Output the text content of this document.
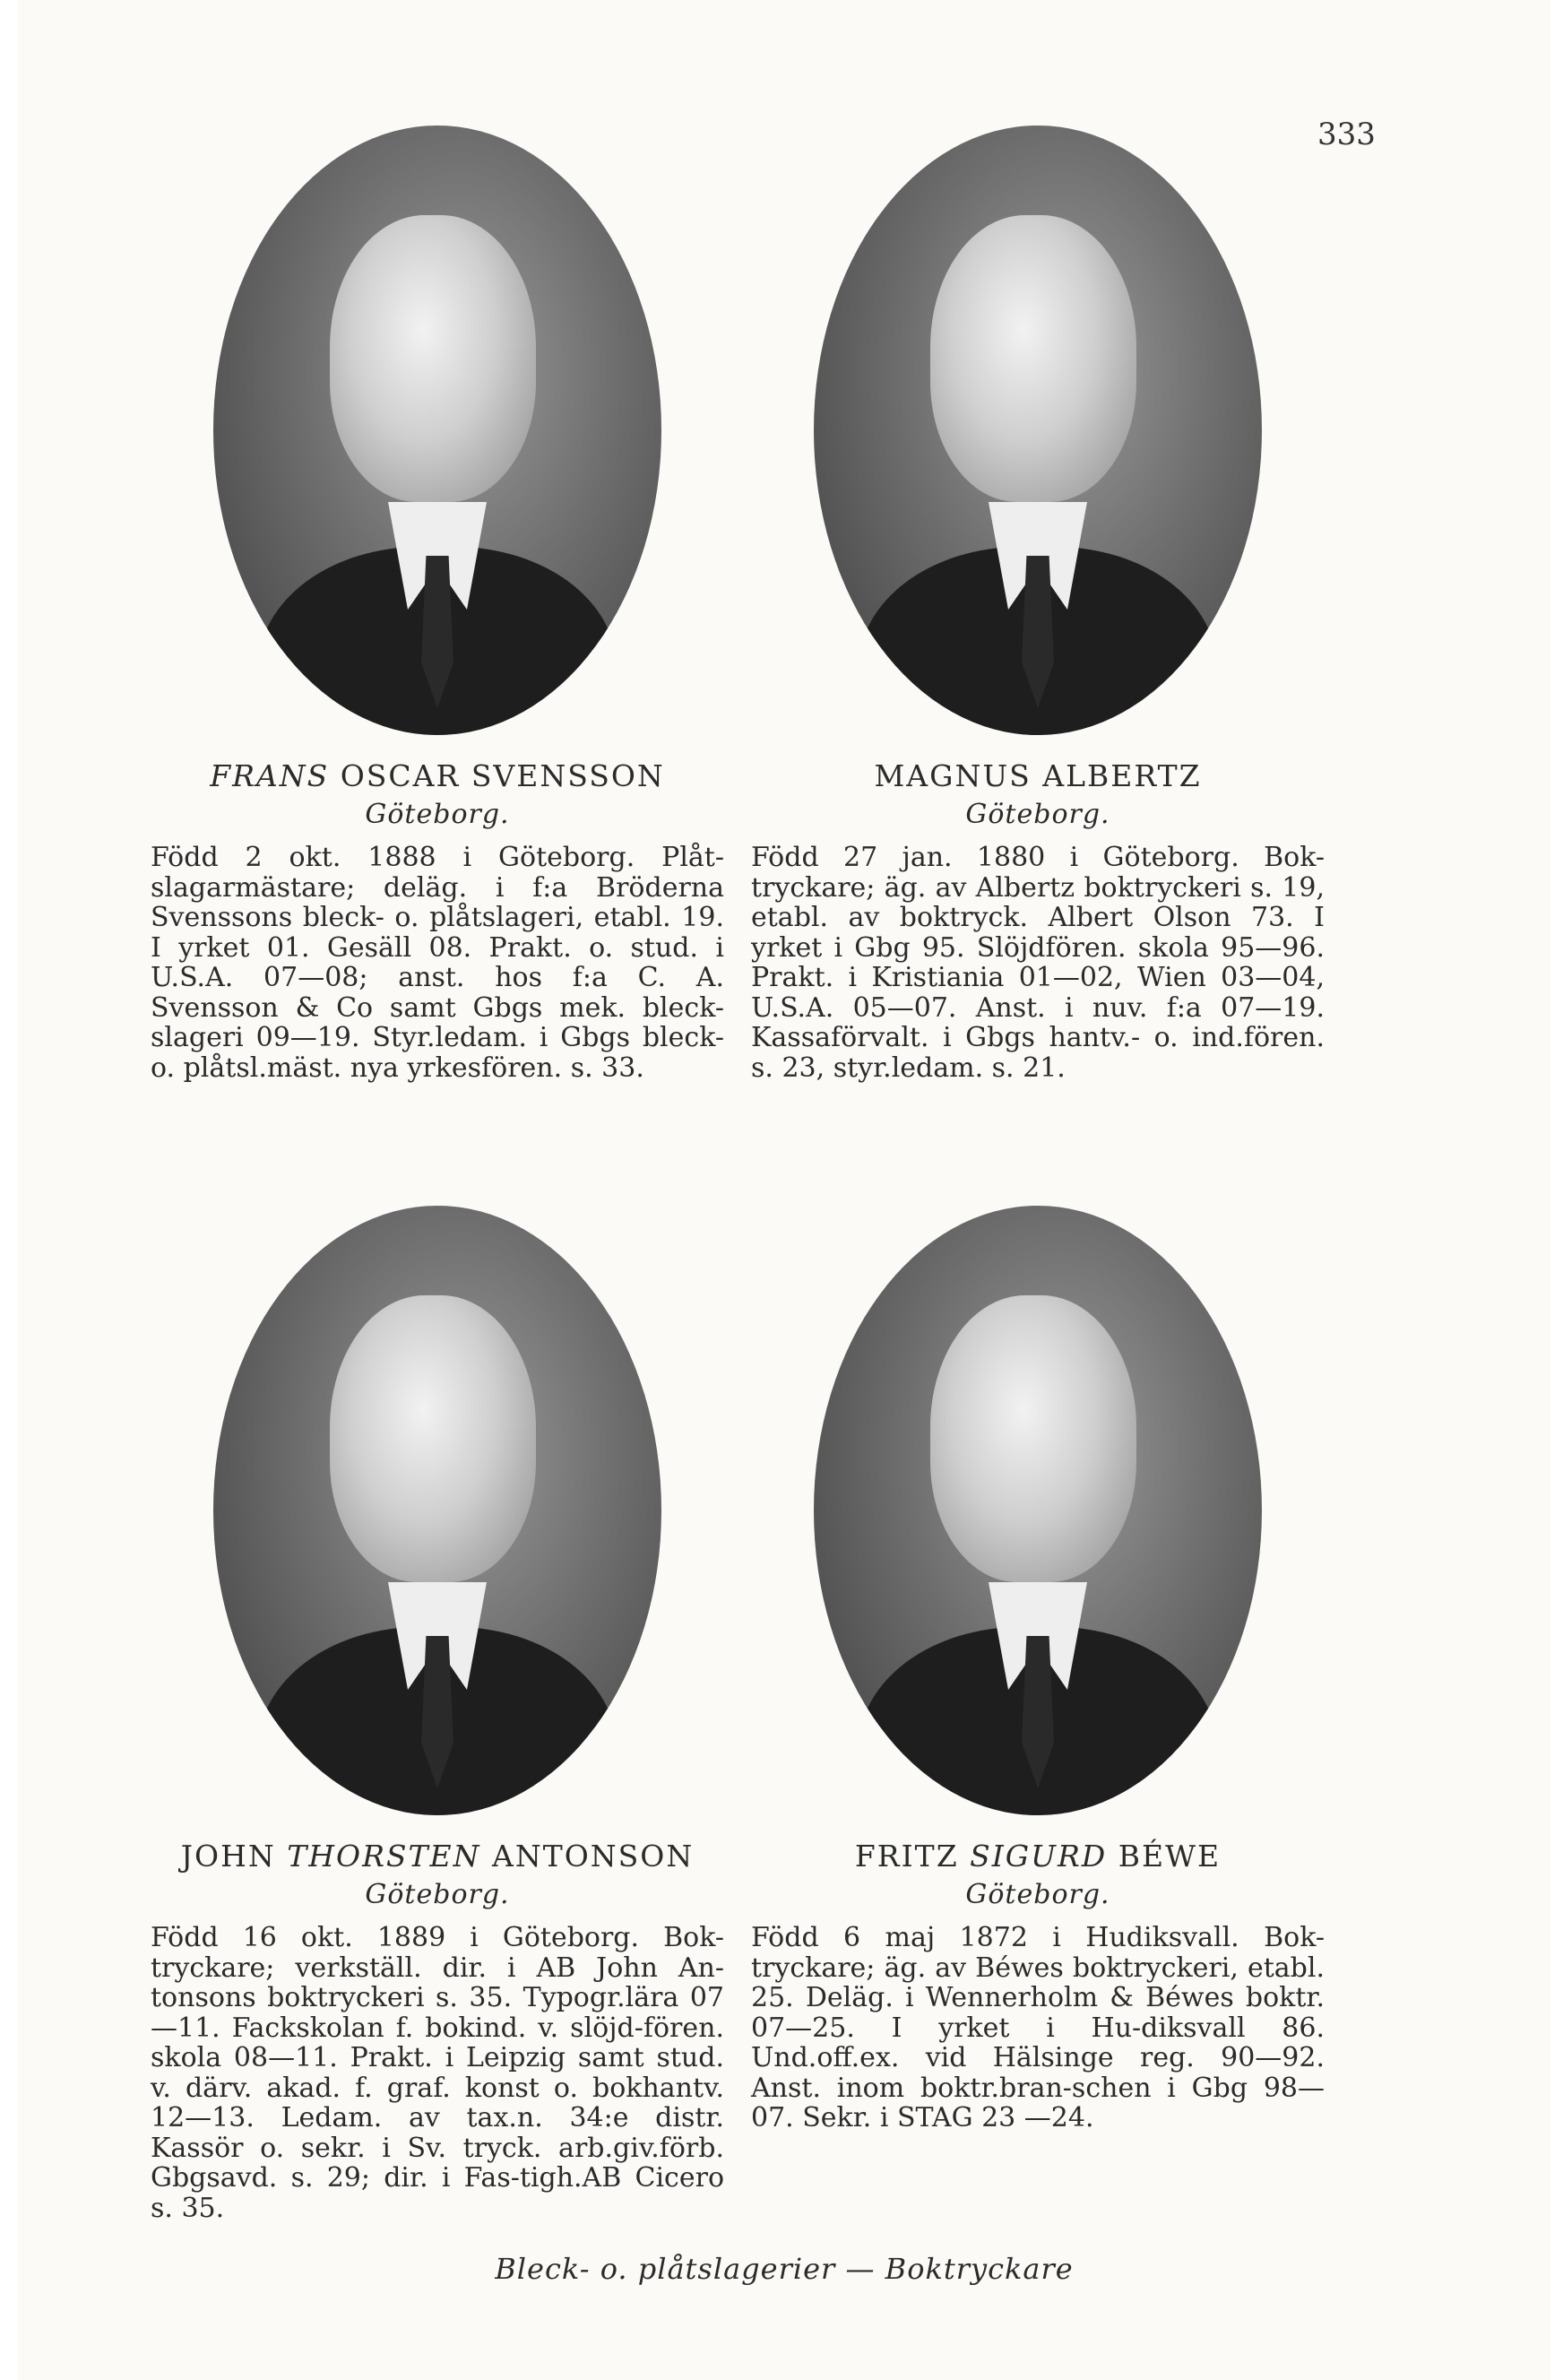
333
FRANS OSCAR SVENSSON
Göteborg.
Född 2 okt. 1888 i Göteborg. Plåt-slagarmästare; deläg. i f:a Bröderna Svenssons bleck- o. plåtslageri, etabl. 19. I yrket 01. Gesäll 08. Prakt. o. stud. i U.S.A. 07—08; anst. hos f:a C. A. Svensson & Co samt Gbgs mek. bleck-slageri 09—19. Styr.ledam. i Gbgs bleck- o. plåtsl.mäst. nya yrkesfören. s. 33.
MAGNUS ALBERTZ
Göteborg.
Född 27 jan. 1880 i Göteborg. Bok-tryckare; äg. av Albertz boktryckeri s. 19, etabl. av boktryck. Albert Olson 73. I yrket i Gbg 95. Slöjdfören. skola 95—96. Prakt. i Kristiania 01—02, Wien 03—04, U.S.A. 05—07. Anst. i nuv. f:a 07—19. Kassaförvalt. i Gbgs hantv.- o. ind.fören. s. 23, styr.ledam. s. 21.
JOHN THORSTEN ANTONSON
Göteborg.
Född 16 okt. 1889 i Göteborg. Bok-tryckare; verkställ. dir. i AB John An-tonsons boktryckeri s. 35. Typogr.lära 07—11. Fackskolan f. bokind. v. slöjd-fören. skola 08—11. Prakt. i Leipzig samt stud. v. därv. akad. f. graf. konst o. bokhantv. 12—13. Ledam. av tax.n. 34:e distr. Kassör o. sekr. i Sv. tryck. arb.giv.förb. Gbgsavd. s. 29; dir. i Fas-tigh.AB Cicero s. 35.
FRITZ SIGURD BÉWE
Göteborg.
Född 6 maj 1872 i Hudiksvall. Bok-tryckare; äg. av Béwes boktryckeri, etabl. 25. Deläg. i Wennerholm & Béwes boktr. 07—25. I yrket i Hu-diksvall 86. Und.off.ex. vid Hälsinge reg. 90—92. Anst. inom boktr.bran-schen i Gbg 98—07. Sekr. i STAG 23 —24.
Bleck- o. plåtslagerier — Boktryckare
